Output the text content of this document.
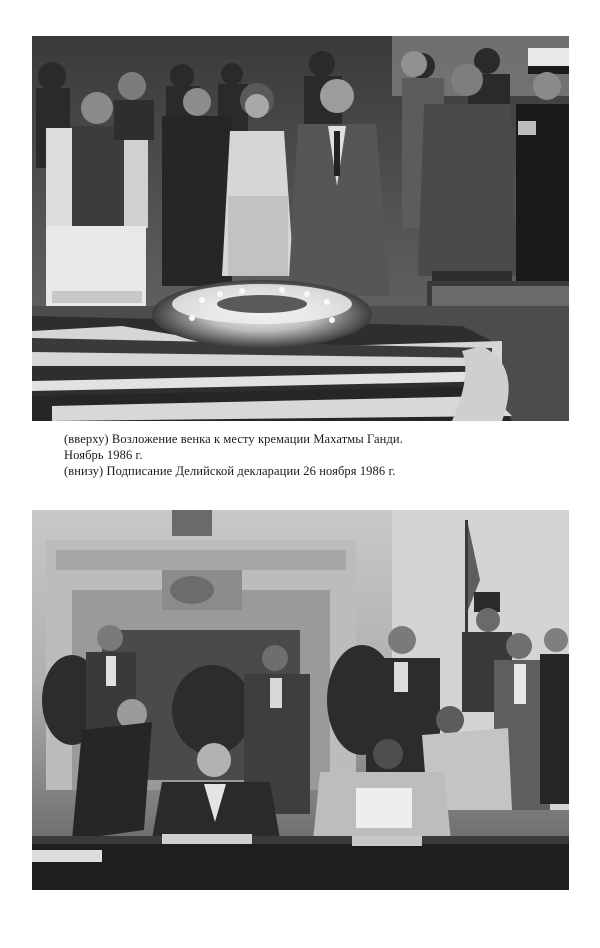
(вверху) Возложение венка к месту кремации Махатмы Ганди.

Ноябрь 1986 г.

(внизу) Подписание Делийской декларации 26 ноября 1986 г.
